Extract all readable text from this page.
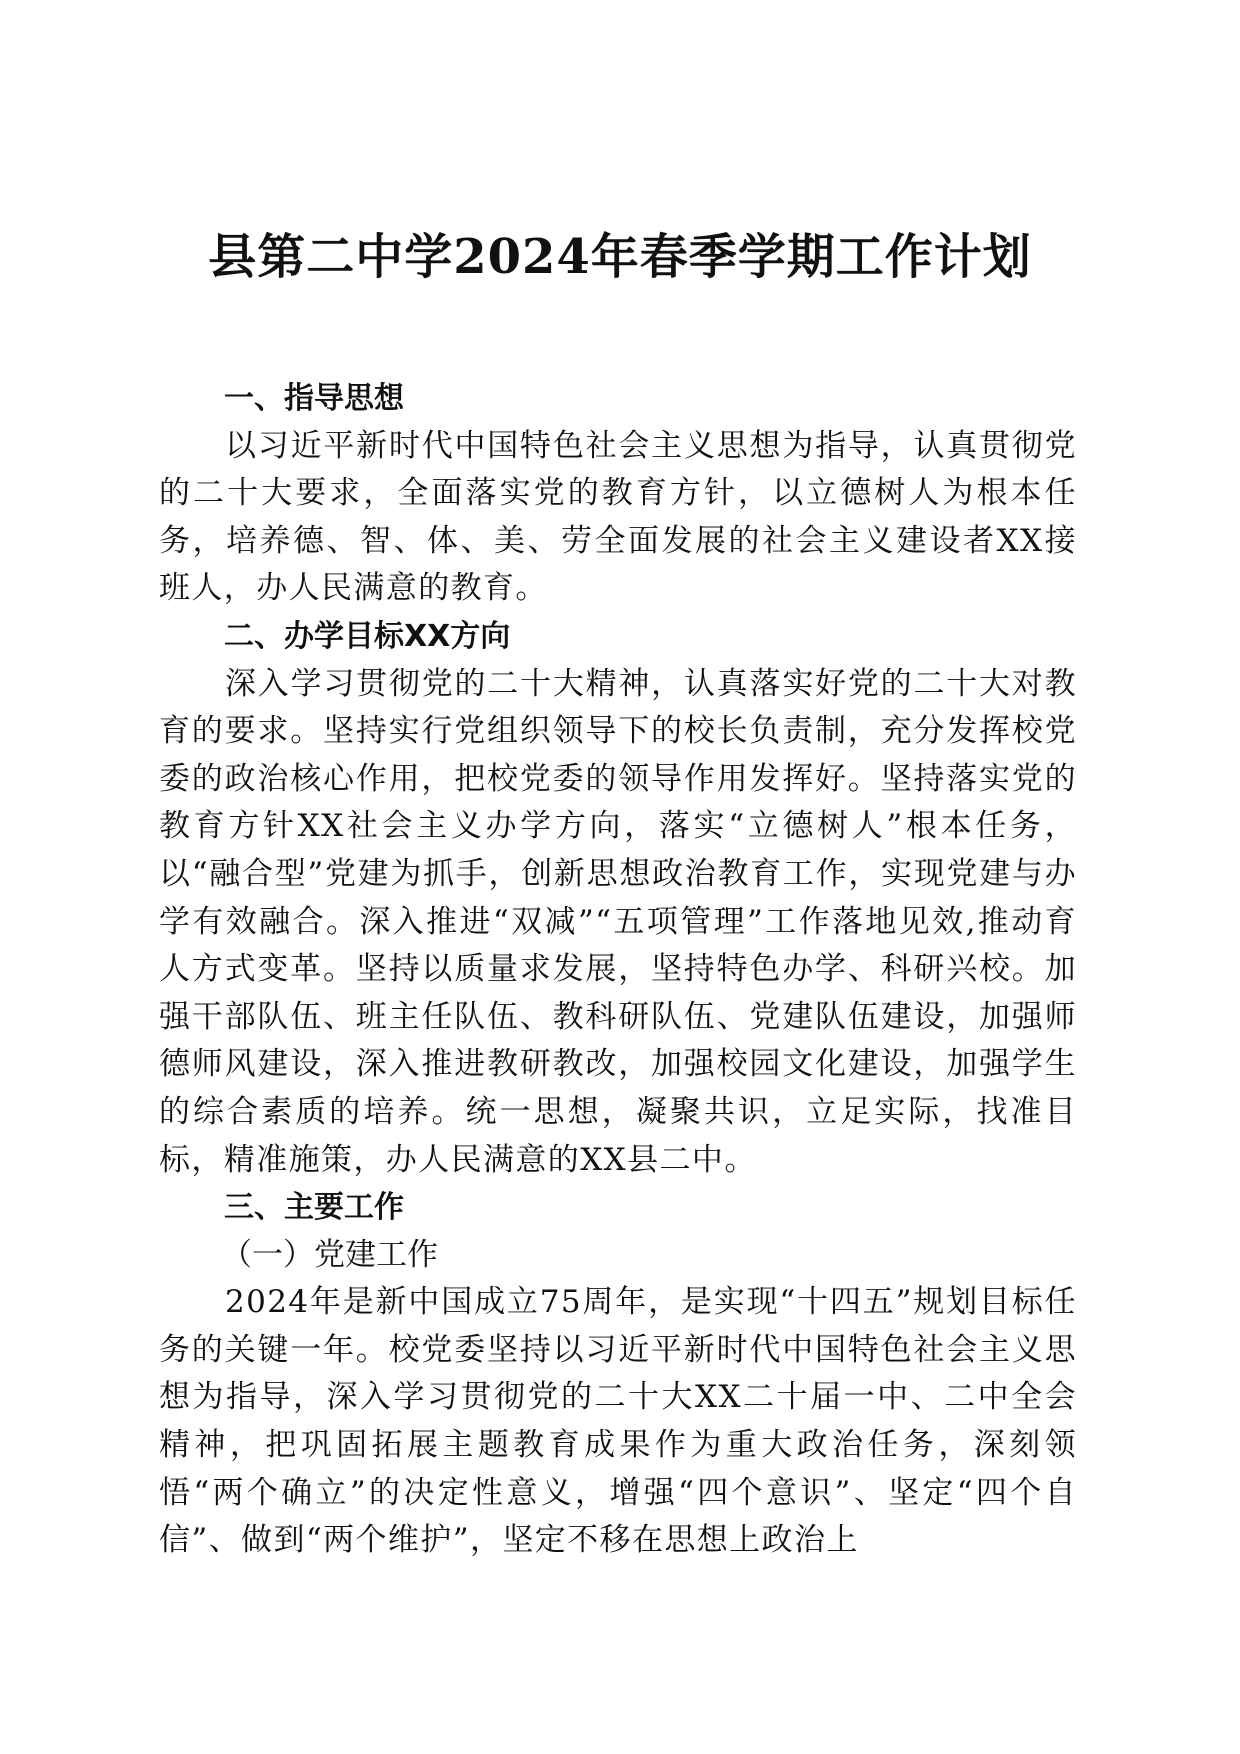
县第二中学2024年春季学期工作计划

一、指导思想

以习近平新时代中国特色社会主义思想为指导，认真贯彻党的二十大要求，全面落实党的教育方针，以立德树人为根本任务，培养德、智、体、美、劳全面发展的社会主义建设者XX接班人，办人民满意的教育。

二、办学目标XX方向

深入学习贯彻党的二十大精神，认真落实好党的二十大对教育的要求。坚持实行党组织领导下的校长负责制，充分发挥校党委的政治核心作用，把校党委的领导作用发挥好。坚持落实党的教育方针XX社会主义办学方向，落实“立德树人”根本任务，以“融合型”党建为抓手，创新思想政治教育工作，实现党建与办学有效融合。深入推进“双减”“五项管理”工作落地见效,推动育人方式变革。坚持以质量求发展，坚持特色办学、科研兴校。加强干部队伍、班主任队伍、教科研队伍、党建队伍建设，加强师德师风建设，深入推进教研教改，加强校园文化建设，加强学生的综合素质的培养。统一思想，凝聚共识，立足实际，找准目标，精准施策，办人民满意的XX县二中。

三、主要工作

（一）党建工作

2024年是新中国成立75周年，是实现“十四五”规划目标任务的关键一年。校党委坚持以习近平新时代中国特色社会主义思想为指导，深入学习贯彻党的二十大XX二十届一中、二中全会精神，把巩固拓展主题教育成果作为重大政治任务，深刻领悟“两个确立”的决定性意义，增强“四个意识”、坚定“四个自信”、做到“两个维护”，坚定不移在思想上政治上
